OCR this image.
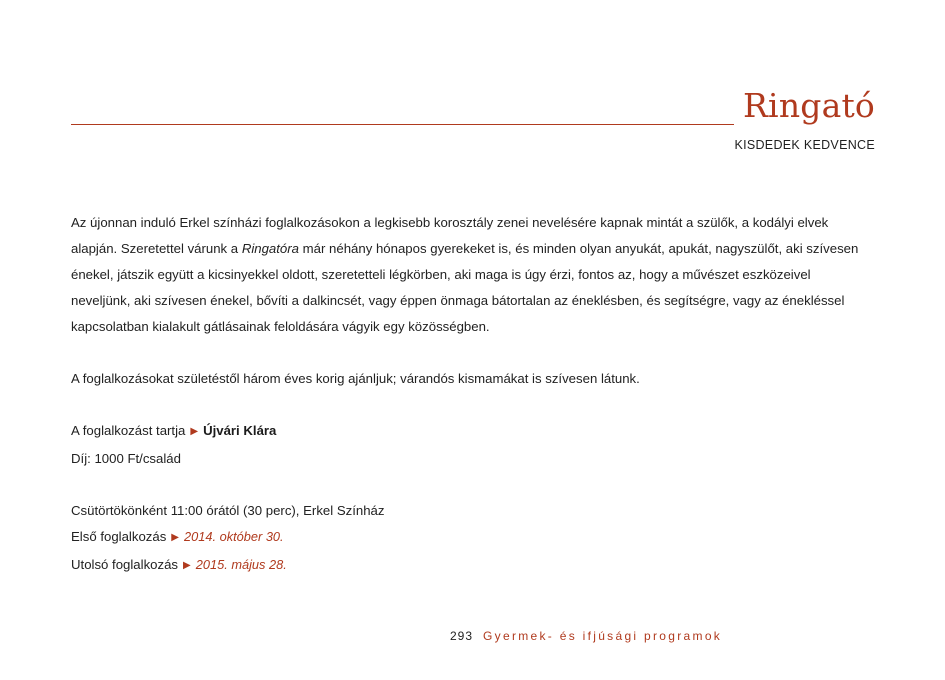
Ringató
KISDEDEK KEDVENCE

Az újonnan induló Erkel színházi foglalkozásokon a legkisebb korosztály zenei nevelésére kapnak mintát a szülők, a kodályi elvek alapján. Szeretettel várunk a Ringatóra már néhány hónapos gyerekeket is, és minden olyan anyukát, apukát, nagyszülőt, aki szívesen énekel, játszik együtt a kicsinyekkel oldott, szeretetteli légkörben, aki maga is úgy érzi, fontos az, hogy a művészet eszközeivel neveljünk, aki szívesen énekel, bővíti a dalkincsét, vagy éppen önmaga bátortalan az éneklésben, és segítségre, vagy az énekléssel kapcsolatban kialakult gátlásainak feloldására vágyik egy közösségben.

A foglalkozásokat születéstől három éves korig ajánljuk; várandós kismamákat is szívesen látunk.

A foglalkozást tartja ▶ Újvári Klára

Díj: 1000 Ft/család

Csütörtökönként 11:00 órától (30 perc), Erkel Színház

Első foglalkozás ▶ 2014. október 30.

Utolsó foglalkozás ▶ 2015. május 28.

293 Gyermek- és ifjúsági programok
